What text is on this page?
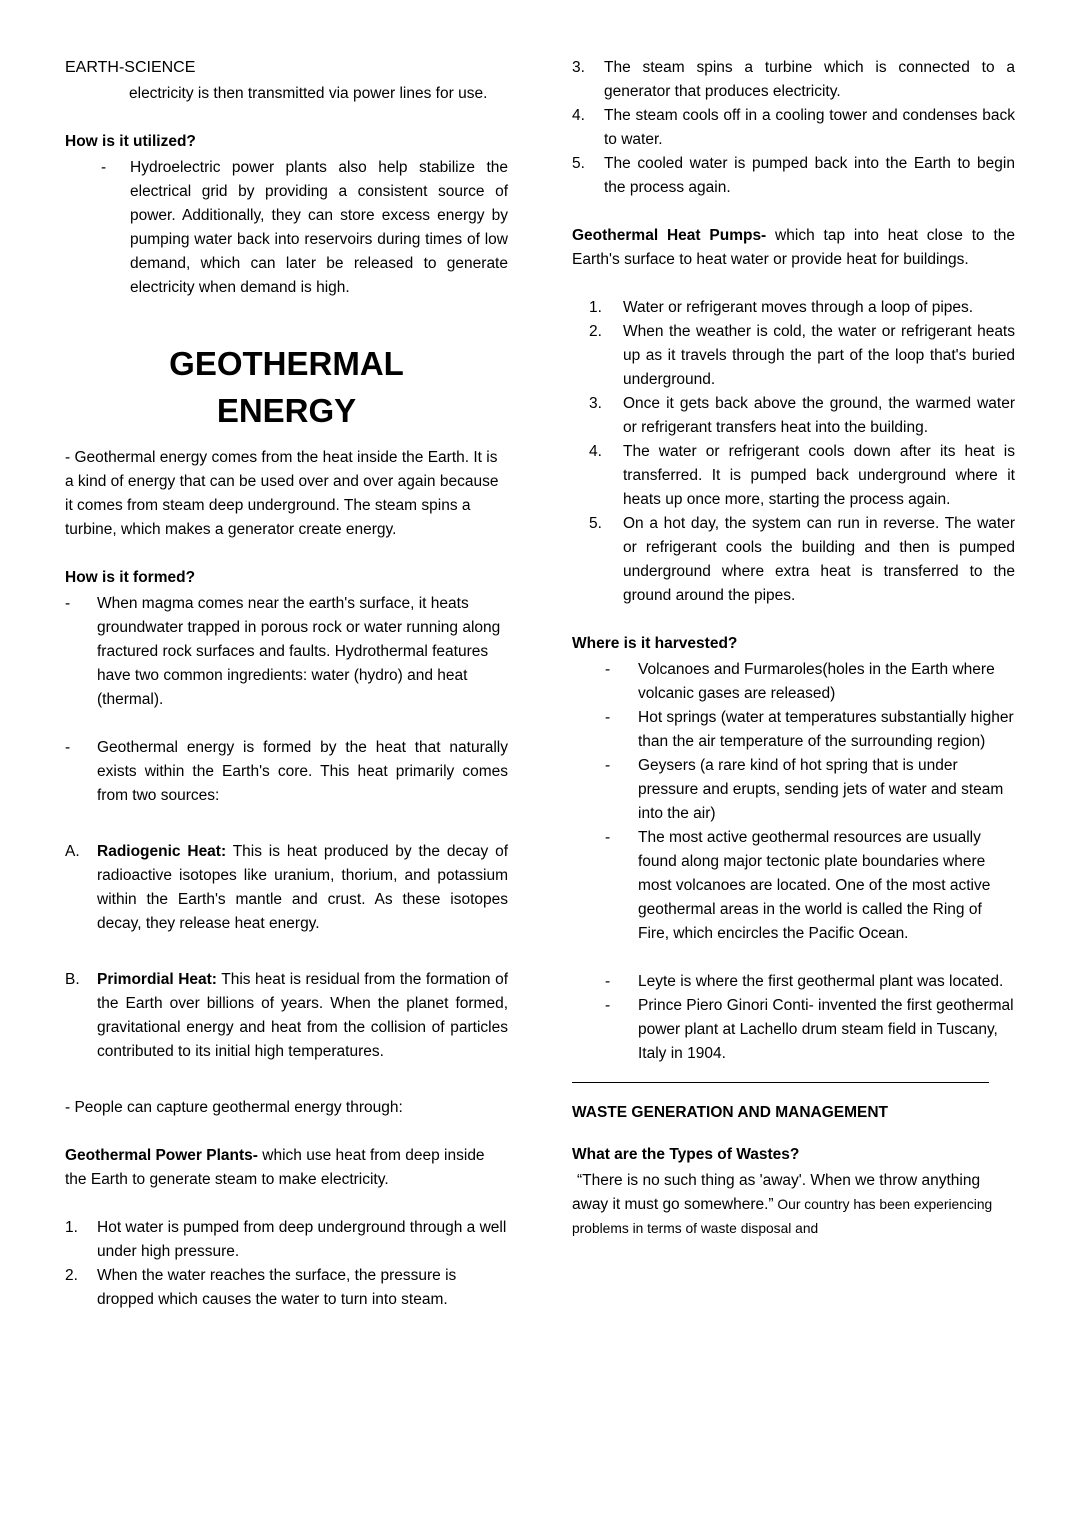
EARTH-SCIENCE

electricity is then transmitted via power lines for use.

How is it utilized?
-	Hydroelectric power plants also help stabilize the electrical grid by providing a consistent source of power. Additionally, they can store excess energy by pumping water back into reservoirs during times of low demand, which can later be released to generate electricity when demand is high.
GEOTHERMAL
ENERGY

- Geothermal energy comes from the heat inside the Earth. It is a kind of energy that can be used over and over again because it comes from steam deep underground. The steam spins a turbine, which makes a generator create energy.

How is it formed?
-	When magma comes near the earth's surface, it heats groundwater trapped in porous rock or water running along fractured rock surfaces and faults. Hydrothermal features have two common ingredients: water (hydro) and heat (thermal).
-	Geothermal energy is formed by the heat that naturally exists within the Earth's core. This heat primarily comes from two sources:
A.	Radiogenic Heat: This is heat produced by the decay of radioactive isotopes like uranium, thorium, and potassium within the Earth's mantle and crust. As these isotopes decay, they release heat energy.
B.	Primordial Heat: This heat is residual from the formation of the Earth over billions of years. When the planet formed, gravitational energy and heat from the collision of particles contributed to its initial high temperatures.

- People can capture geothermal energy through:

Geothermal Power Plants- which use heat from deep inside the Earth to generate steam to make electricity.

1.	Hot water is pumped from deep underground through a well under high pressure.
2.	When the water reaches the surface, the pressure is dropped which causes the water to turn into steam.
3.	The steam spins a turbine which is connected to a generator that produces electricity.
4.	The steam cools off in a cooling tower and condenses back to water.
5.	The cooled water is pumped back into the Earth to begin the process again.

Geothermal Heat Pumps- which tap into heat close to the Earth's surface to heat water or provide heat for buildings.

1.	Water or refrigerant moves through a loop of pipes.
2.	When the weather is cold, the water or refrigerant heats up as it travels through the part of the loop that's buried underground.
3.	Once it gets back above the ground, the warmed water or refrigerant transfers heat into the building.
4.	The water or refrigerant cools down after its heat is transferred. It is pumped back underground where it heats up once more, starting the process again.
5.	On a hot day, the system can run in reverse. The water or refrigerant cools the building and then is pumped underground where extra heat is transferred to the ground around the pipes.
Where is it harvested?
-	Volcanoes and Furmaroles(holes in the Earth where volcanic gases are released)
-	Hot springs (water at temperatures substantially higher than the air temperature of the surrounding region)
-	Geysers (a rare kind of hot spring that is under pressure and erupts, sending jets of water and steam into the air)
-	The most active geothermal resources are usually found along major tectonic plate boundaries where most volcanoes are located. One of the most active geothermal areas in the world is called the Ring of Fire, which encircles the Pacific Ocean.
-	Leyte is where the first geothermal plant was located.
-	Prince Piero Ginori Conti- invented the first geothermal power plant at Lachello drum steam field in Tuscany, Italy in 1904.
WASTE GENERATION AND MANAGEMENT
What are the Types of Wastes?

“There is no such thing as 'away'. When we throw anything away it must go somewhere.” Our country has been experiencing problems in terms of waste disposal and
